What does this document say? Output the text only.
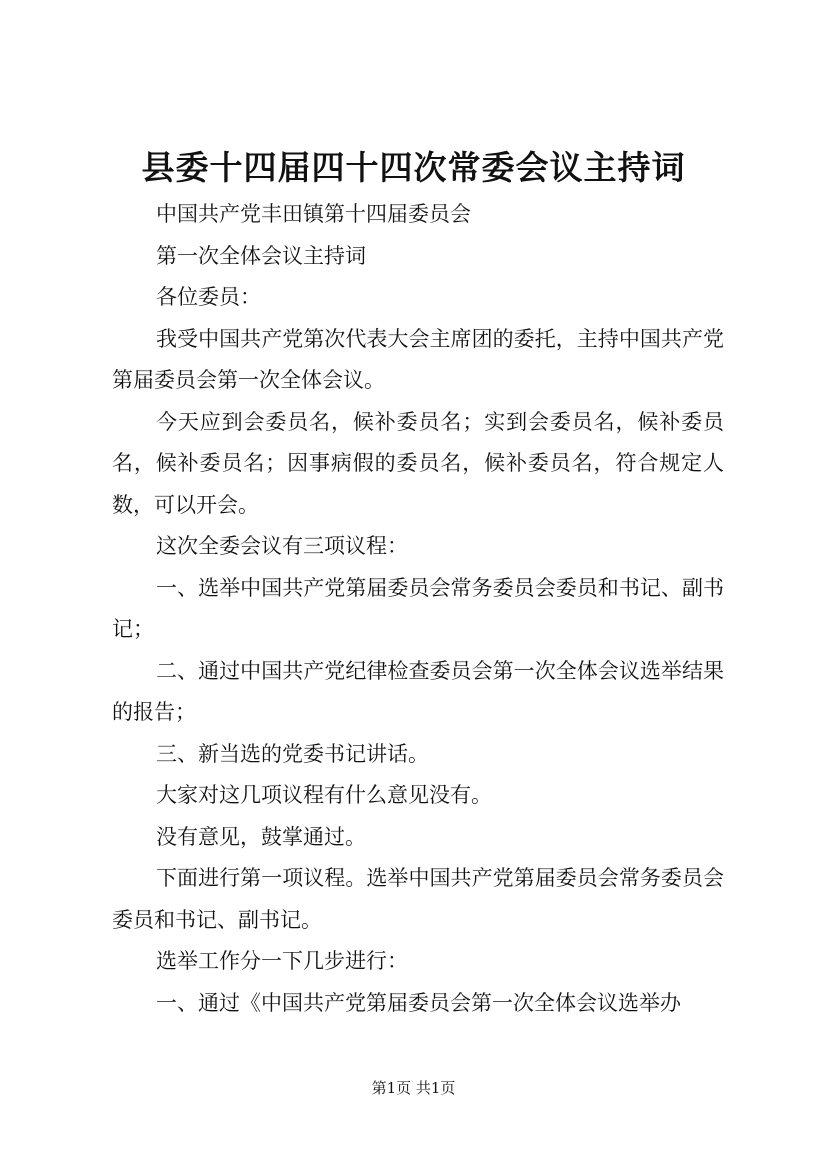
县委十四届四十四次常委会议主持词

中国共产党丰田镇第十四届委员会

第一次全体会议主持词

各位委员：

我受中国共产党第次代表大会主席团的委托，主持中国共产党第届委员会第一次全体会议。

今天应到会委员名，候补委员名；实到会委员名，候补委员名，候补委员名；因事病假的委员名，候补委员名，符合规定人数，可以开会。

这次全委会议有三项议程：

一、选举中国共产党第届委员会常务委员会委员和书记、副书记；

二、通过中国共产党纪律检查委员会第一次全体会议选举结果的报告；

三、新当选的党委书记讲话。

大家对这几项议程有什么意见没有。

没有意见，鼓掌通过。

下面进行第一项议程。选举中国共产党第届委员会常务委员会委员和书记、副书记。

选举工作分一下几步进行：

一、通过《中国共产党第届委员会第一次全体会议选举办

第1页 共1页
